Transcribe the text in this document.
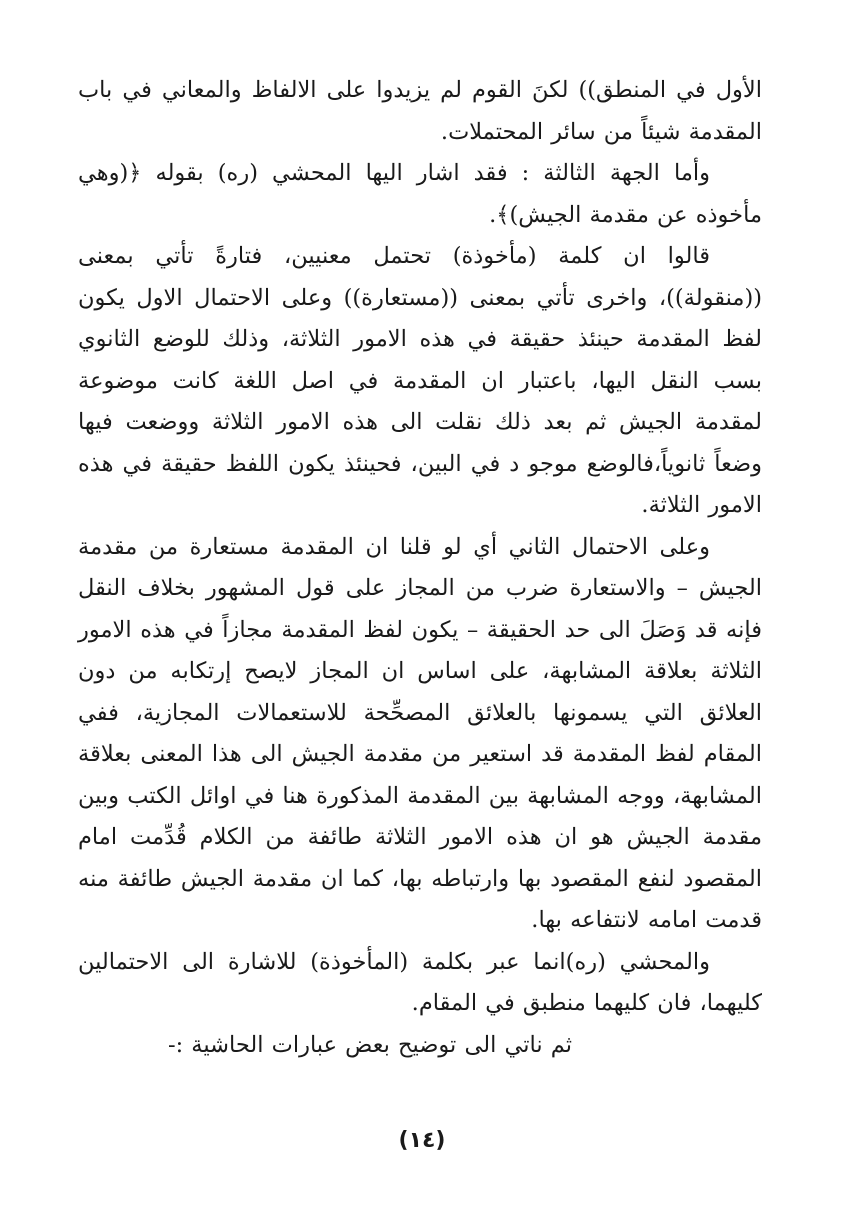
الأول في المنطق)) لكنَ القوم لم يزيدوا على الالفاظ والمعاني في باب المقدمة شيئاً من سائر المحتملات.

وأما الجهة الثالثة : فقد اشار اليها المحشي (ره) بقوله ﴿(وهي مأخوذه عن مقدمة الجيش)﴾.

قالوا ان كلمة (مأخوذة) تحتمل معنيين، فتارةً تأتي بمعنى ((منقولة))، واخرى تأتي بمعنى ((مستعارة)) وعلى الاحتمال الاول يكون لفظ المقدمة حينئذ حقيقة في هذه الامور الثلاثة، وذلك للوضع الثانوي بسب النقل اليها، باعتبار ان المقدمة في اصل اللغة كانت موضوعة لمقدمة الجيش ثم بعد ذلك نقلت الى هذه الامور الثلاثة ووضعت فيها وضعاً ثانوياً،فالوضع موجو د في البين، فحينئذ يكون اللفظ حقيقة في هذه الامور الثلاثة.

وعلى الاحتمال الثاني أي لو قلنا ان المقدمة مستعارة من مقدمة الجيش – والاستعارة ضرب من المجاز على قول المشهور بخلاف النقل فإنه قد وَصَلَ الى حد الحقيقة – يكون لفظ المقدمة مجازاً في هذه الامور الثلاثة بعلاقة المشابهة، على اساس ان المجاز لايصح إرتكابه من دون العلائق التي يسمونها بالعلائق المصحِّحة للاستعمالات المجازية، ففي المقام لفظ المقدمة قد استعير من مقدمة الجيش الى هذا المعنى بعلاقة المشابهة، ووجه المشابهة بين المقدمة المذكورة هنا في اوائل الكتب وبين مقدمة الجيش هو ان هذه الامور الثلاثة طائفة من الكلام قُدِّمت امام المقصود لنفع المقصود بها وارتباطه بها، كما ان مقدمة الجيش طائفة منه قدمت امامه لانتفاعه بها.

والمحشي (ره)انما عبر بكلمة (المأخوذة) للاشارة الى الاحتمالين كليهما، فان كليهما منطبق في المقام.

ثم ناتي الى توضيح بعض عبارات الحاشية :-

(١٤)
